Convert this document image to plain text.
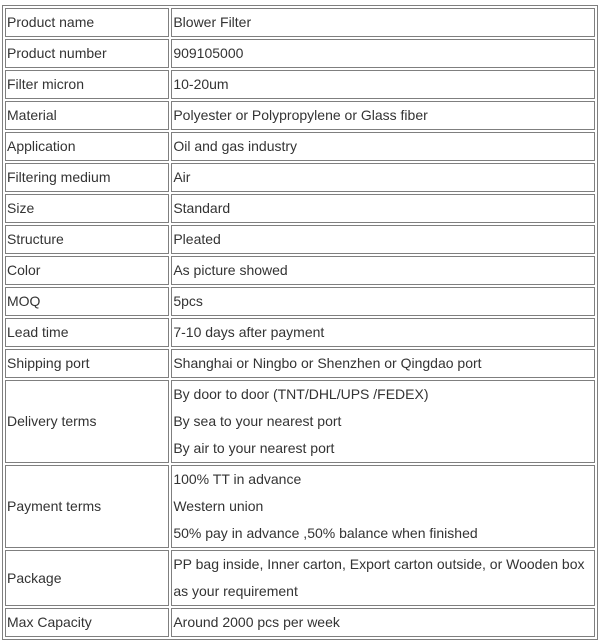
Product name	Blower Filter

Product number	909105000

Filter micron	10-20um

Material	Polyester or Polypropylene or Glass fiber

Application	Oil and gas industry

Filtering medium	Air

Size	Standard

Structure	Pleated

Color	As picture showed

MOQ	5pcs

Lead time	7-10 days after payment

Shipping port	Shanghai or Ningbo or Shenzhen or Qingdao port

Delivery terms	By door to door (TNT/DHL/UPS /FEDEX)
By sea to your nearest port
By air to your nearest port

Payment terms	100% TT in advance
Western union
50% pay in advance ,50% balance when finished

Package	PP bag inside, Inner carton, Export carton outside, or Wooden box
as your requirement

Max Capacity	Around 2000 pcs per week
